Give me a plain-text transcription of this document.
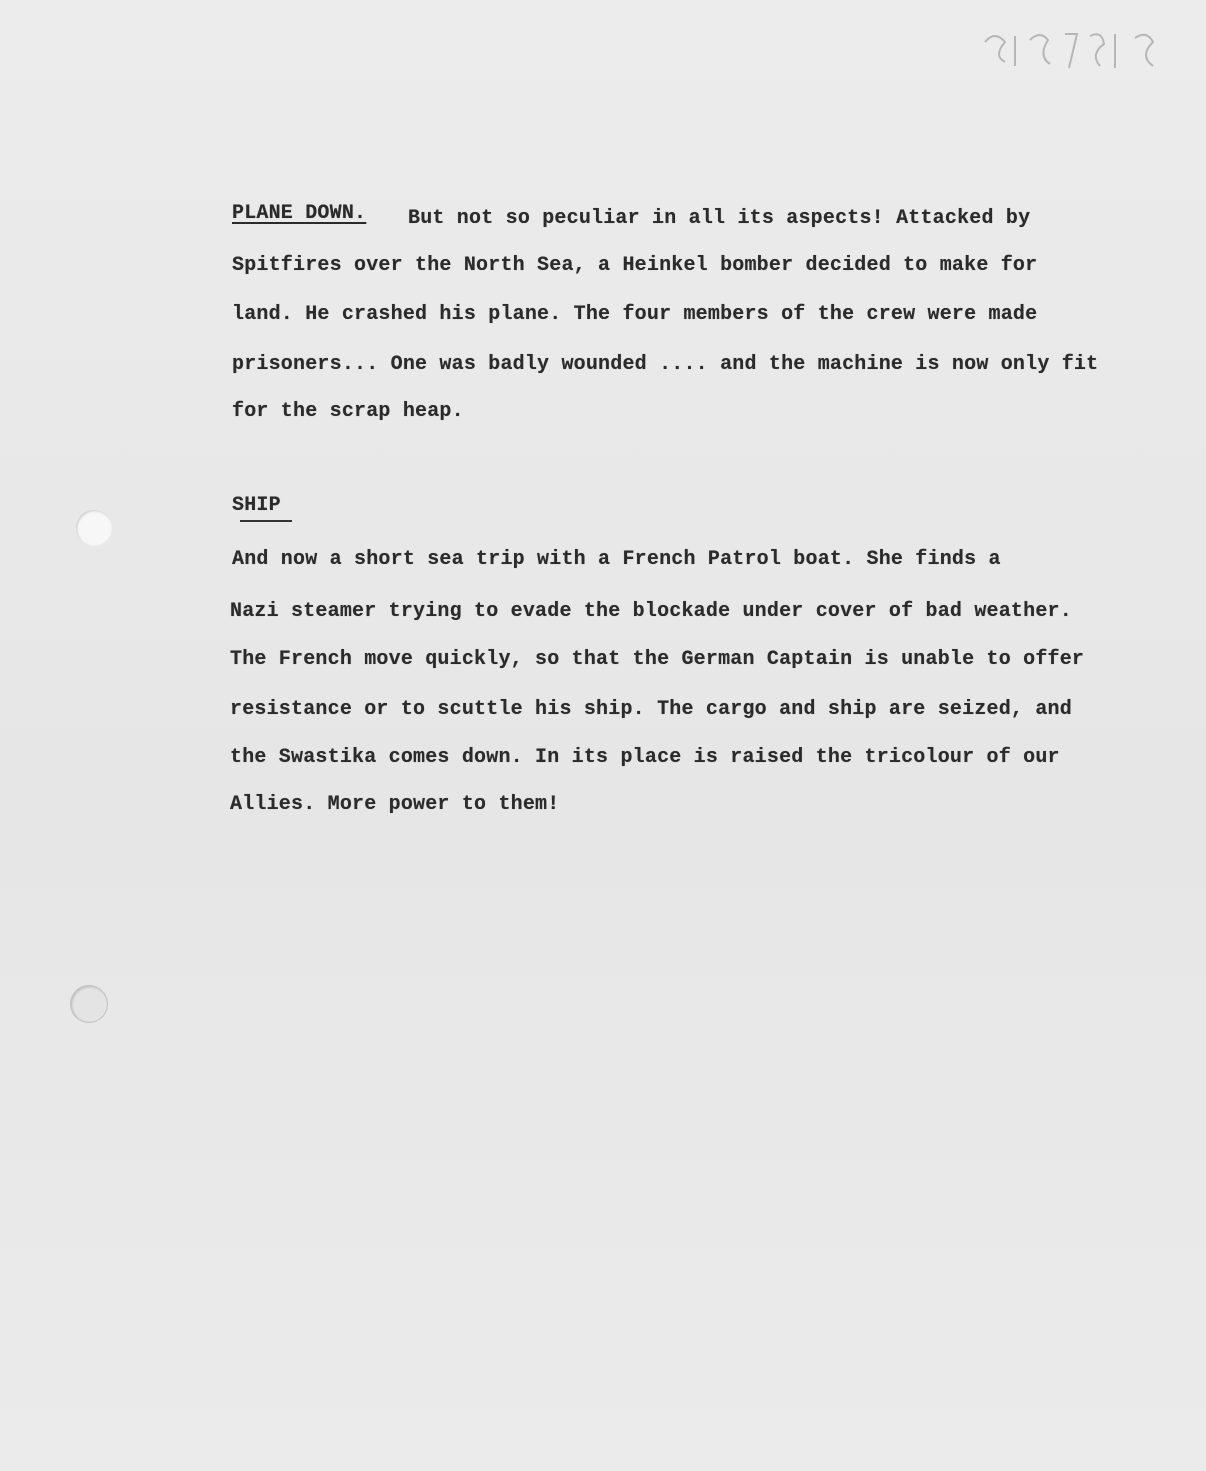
PLANE DOWN. But not so peculiar in all its aspects! Attacked by
Spitfires over the North Sea, a Heinkel bomber decided to make for
land. He crashed his plane. The four members of the crew were made
prisoners... One was badly wounded .... and the machine is now only fit
for the scrap heap.
SHIP
And now a short sea trip with a French Patrol boat. She finds a
Nazi steamer trying to evade the blockade under cover of bad weather.
The French move quickly, so that the German Captain is unable to offer
resistance or to scuttle his ship. The cargo and ship are seized, and
the Swastika comes down. In its place is raised the tricolour of our
Allies. More power to them!
